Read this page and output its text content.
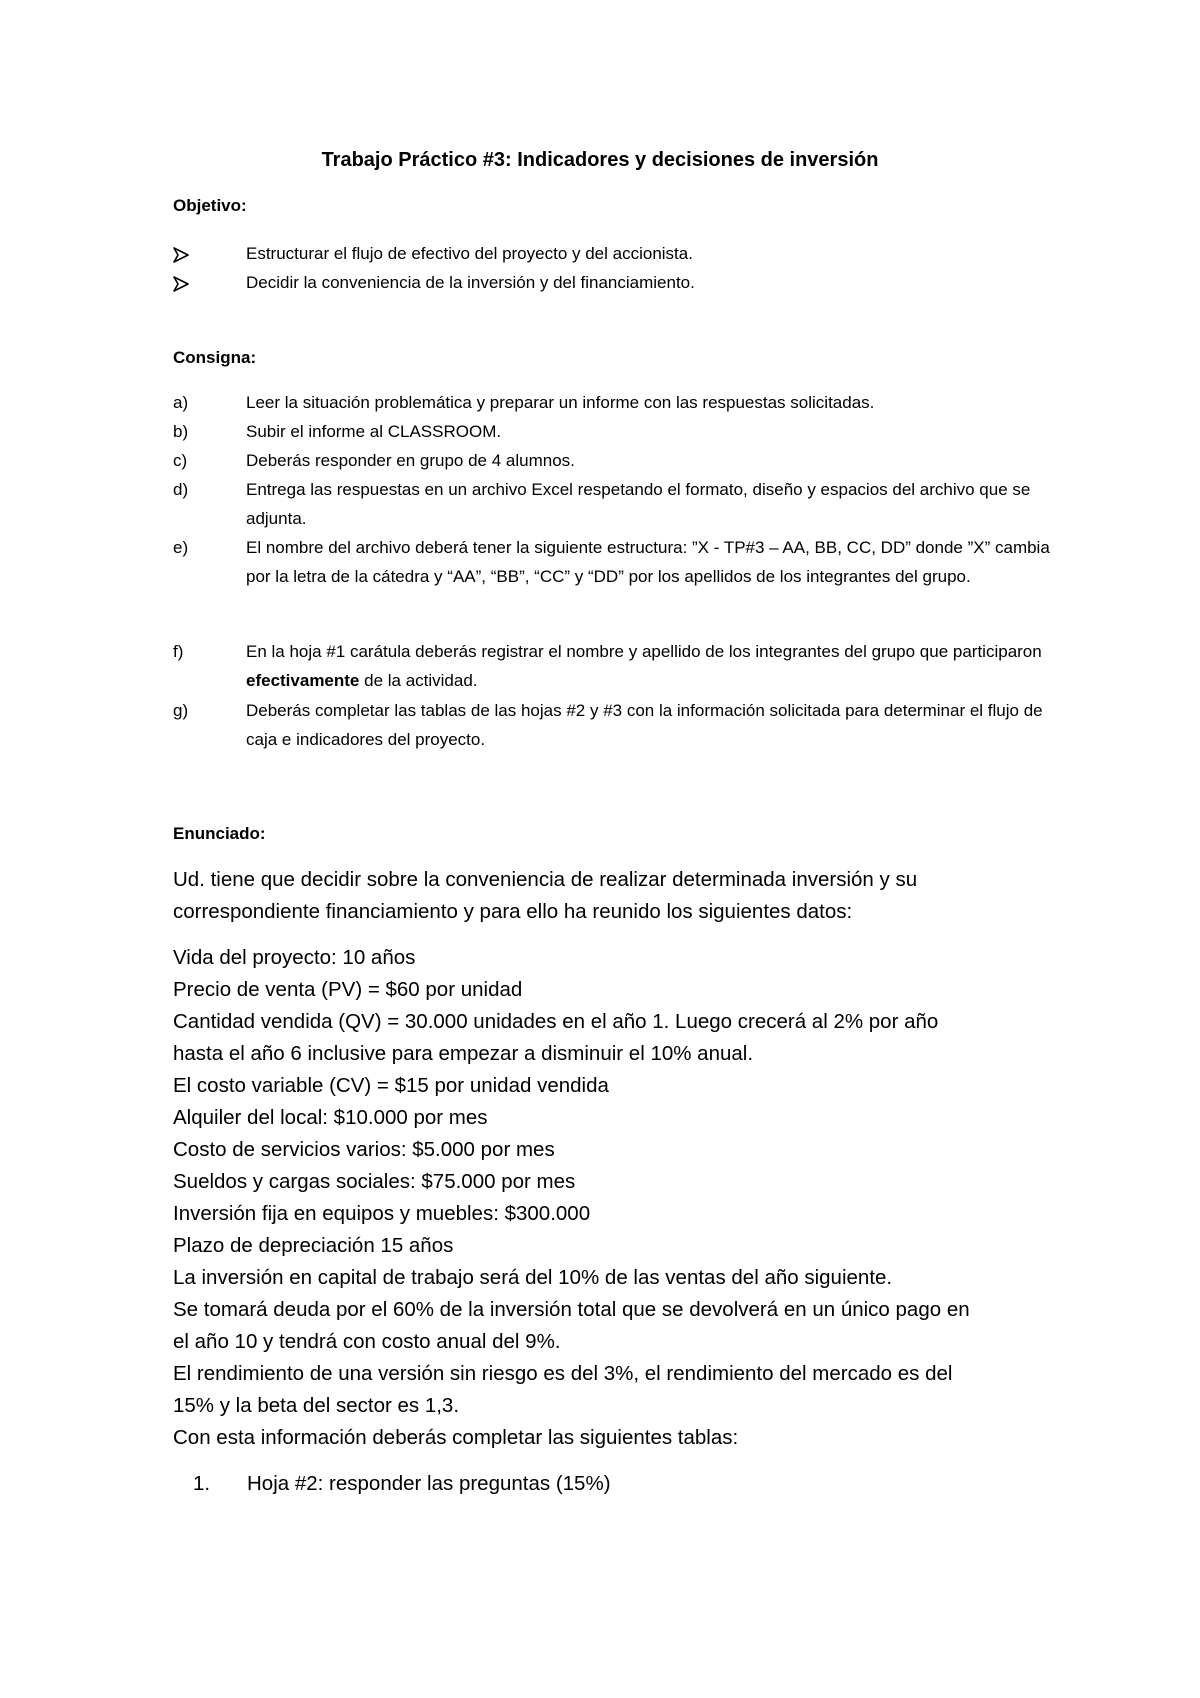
Trabajo Práctico #3: Indicadores y decisiones de inversión
Objetivo:
Estructurar el flujo de efectivo del proyecto y del accionista.
Decidir la conveniencia de la inversión y del financiamiento.
Consigna:
a)	Leer la situación problemática y preparar un informe con las respuestas solicitadas.
b)	Subir el informe al CLASSROOM.
c)	Deberás responder en grupo de 4 alumnos.
d)	Entrega las respuestas en un archivo Excel respetando el formato, diseño y espacios del archivo que se adjunta.
e)	El nombre del archivo deberá tener la siguiente estructura: ”X - TP#3 – AA, BB, CC, DD” donde ”X” cambia por la letra de la cátedra y “AA”, “BB”, “CC” y “DD” por los apellidos de los integrantes del grupo.
f)	En la hoja #1 carátula deberás registrar el nombre y apellido de los integrantes del grupo que participaron efectivamente de la actividad.
g)	Deberás completar las tablas de las hojas #2 y #3 con la información solicitada para determinar el flujo de caja e indicadores del proyecto.
Enunciado:
Ud. tiene que decidir sobre la conveniencia de realizar determinada inversión y su
correspondiente financiamiento y para ello ha reunido los siguientes datos:
Vida del proyecto: 10 años
Precio de venta (PV) = $60 por unidad
Cantidad vendida (QV) = 30.000 unidades en el año 1. Luego crecerá al 2% por año
hasta el año 6 inclusive para empezar a disminuir el 10% anual.
El costo variable (CV) = $15 por unidad vendida
Alquiler del local: $10.000 por mes
Costo de servicios varios: $5.000 por mes
Sueldos y cargas sociales: $75.000 por mes
Inversión fija en equipos y muebles: $300.000
Plazo de depreciación 15 años
La inversión en capital de trabajo será del 10% de las ventas del año siguiente.
Se tomará deuda por el 60% de la inversión total que se devolverá en un único pago en
el año 10 y tendrá con costo anual del 9%.
El rendimiento de una versión sin riesgo es del 3%, el rendimiento del mercado es del
15% y la beta del sector es 1,3.
Con esta información deberás completar las siguientes tablas:
1. Hoja #2: responder las preguntas (15%)
